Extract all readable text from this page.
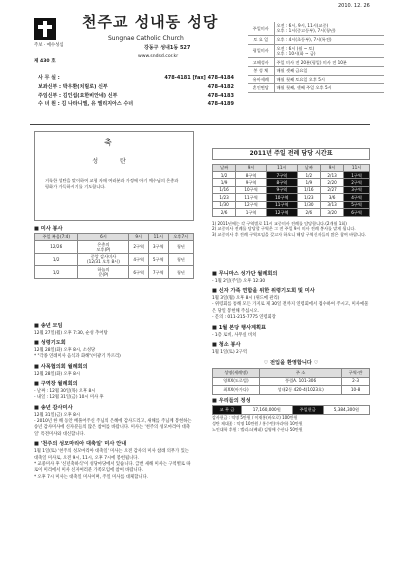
2010. 12. 26
천주교 성내동 성당
Sungnae Catholic Church
강동구 성내1동 527
www.sndsd.cor.kr
주보 · 예수성심
제 430 호
사 무 실 :	478-4181 [fax] 478-4184
보좌신부 : 박우환(치릴로) 신부	478-4182
주임신부 : 김인섭(요한비안네) 신부	478-4183
수 녀 원 : 김 나타니엘, 유 엘리지아스 수녀	478-4189
주일미사	오전 : 6시, 9시, 11시(교중)
오후 : 1시(중고등부), 7시(청년)
토 요 일	오후 : 4시(초등부), 7시(특전)
평일미사	오전 : 6시 (월 ~ 토)
오후 : 10시(화 ~ 금)
고해성사	주일 미사 전 20분(평일) 미사 전 10분
봉 성 체	매월 셋째 금요일
유아세례	매월 첫째 토요일 오후 5시
혼인면담	매월 첫째, 셋째 주일 오후 5시
축
성 탄
거룩한 성탄을 맞이하여 교형 자매 여러분과 가정에 아기 예수님의 은총과 평화가 가득하시기를 기도합니다.
2011년 주일 전례 담당 시간표
날짜	9시	11시	날짜	9시	11시
1/2	8구역	7구역	1/2	2/13	1구역
1/9	9구역	8구역	1/9	2/20	2구역
1/16	10구역	9구역	1/16	2/27	3구역
1/23	11구역	10구역	1/23	3/6	4구역
1/30	12구역	11구역	1/30	3/13	5구역
2/6	1구역	12구역	2/6	3/20	6구역
1) 2011년에는 각 구역별로 11시 교중미사 전례를 담당합니다.(2개월 1회)
2) 교중미사 전례를 담당할 구역은 그 전 주일 9시 미사 전례 봉사를 맡게 됩니다.
3) 교중미사 후 전례 구역모임을 갖고자 하오니 해당 구역신자들의 많은 참여 바랍니다.
■ 미사 봉사
주일 복음(7:4)	6시	9시	11시	오후7시
12/26	은총의
모후(P)	2구역	3구역	청년
1/2	중앙 감사미사
(12/31 오후 8시)	4구역	5구역	청년
1/2	하늘의
문(P)	6구역	7구역	청년
■ 송년 모임
12월 27일(월) 오후 7:30, 순성 추어탕
■ 성령기도회
12월 28일(화) 오후 8시, 소성당
* "각종 연례미사 음식과 화해"(이광기 카르리)
■ 사목협의회 월례회의
12월 28일(화) 오후 8시
■ 구역장 월례회의
- 날짜 : 12월 30일(목) 오후 8시
- 내일 : 12월 31일(금) 10시 미사 후
■ 송년 감사미사
12월 31일(금) 오후 8시
- 2010년 한 해 동안 베풀어주신 주님의 은혜에 감사드리고, 새해를 주님께 봉헌하는 송년 감사미사에 신자분들의 많은 참여를 바랍니다. 미사는 '천주의 성모마리아 대축일' 특전미사와 대신합니다.
■ '천주의 성모마리아 대축일' 미사 안내
1월 1일(토) '천주의 성모마리아 대축일' 미사는 오전 감사의 미사 참례 의무가 있는 대축일 미사로, 오전 9시, 11시, 오후 7시에 봉헌됩니다.
* 교중미사 후 '신년축하식'이 성당마당에서 있습니다. 급번 새해 미사는 구역별로 따로이 미리에서 미사 신자여러분 가족모임에 참여 바랍니다.
* 오후 7시 미사는 대축일 미사이며, 주일 미사를 대체합니다.
■ 무니마스 성가단 월례회의
- 1월 2일(주일) 오후 12:30
■ 신자 가족 연합을 위한 위령기도회 및 미사
1월 3일(월) 오후 8시 (위드메 관리)
- 위령회를 통해 모든 가지로 제 30일 전까지 연령회에서 접수하여 주시고, 미사예물은 당일 봉헌해 주십시오.
- 문의 : 011-215-7775 연령회장
■ 1월 본당 행사계획표
- 1층 로비, 사무실 비치
■ 청소 봉사
1월 1일(토) 2구역
♡ 전입을 환영합니다 ♡
성명(세례명)	주 소	구역-반
양XX(도로빌)	풍림A. 101-306	2-3
최XX(아가다)	성내2동 420-4(1023호)	10-8
■ 우리들의 정성
교 무 금	17,160,000원	주일헌금	5,384,300원
감사헌금 : 익명 5만원 / 이재홍(바오로) 100만원
성탄 제대꽃 : 익명 10만원 / 홍수빈(마리아) 10만원
노인대학 후원 : 엘리스(베네) 김영애 수산나 50만원
